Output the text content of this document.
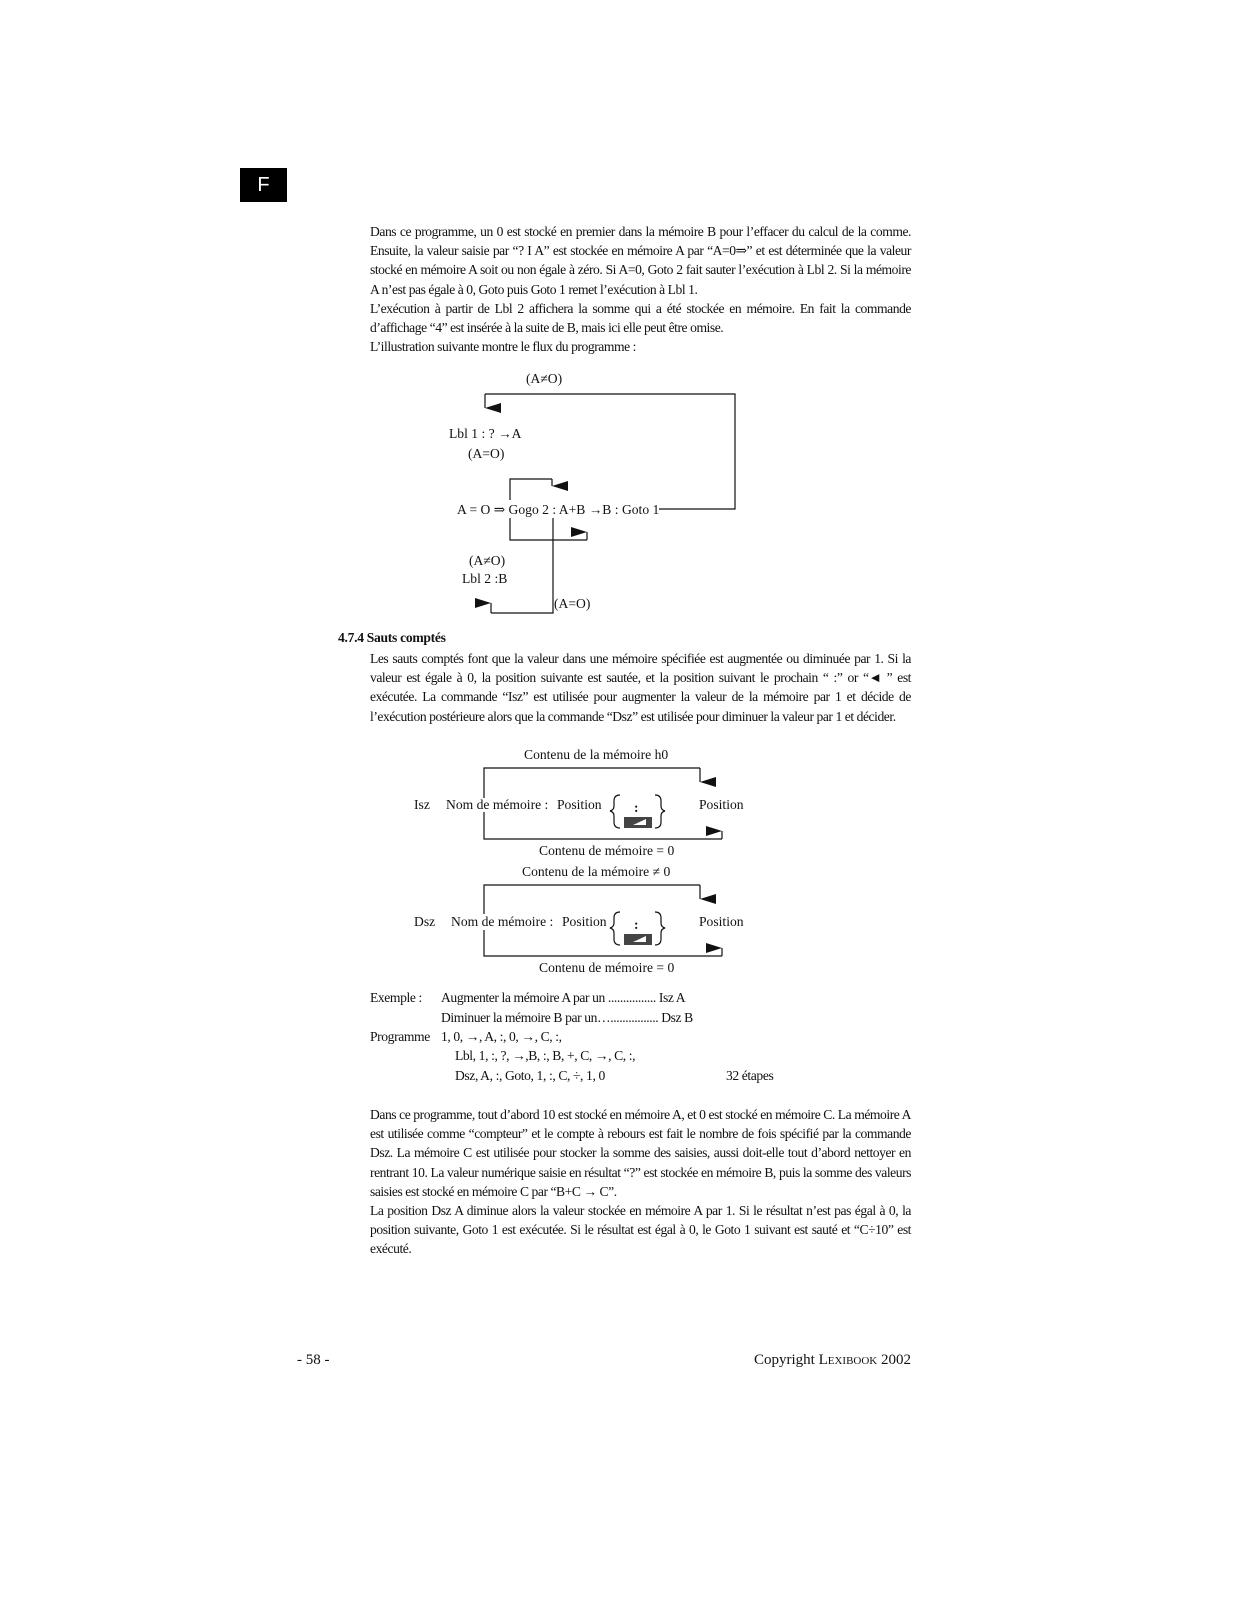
F

Dans ce programme, un 0 est stocké en premier dans la mémoire B pour l’effacer du calcul de la comme. Ensuite, la valeur saisie par “? I A” est stockée en mémoire A par “A=0⇒” et est déterminée que la valeur stocké en mémoire A soit ou non égale à zéro. Si A=0, Goto 2 fait sauter l’exécution à Lbl 2. Si la mémoire A n’est pas égale à 0, Goto puis Goto 1 remet l’exécution à Lbl 1.

L’exécution à partir de Lbl 2 affichera la somme qui a été stockée en mémoire. En fait la commande d’affichage “4” est insérée à la suite de B, mais ici elle peut être omise.

L’illustration suivante montre le flux du programme :

(A≠O)
Lbl 1 : ? →A
(A=O)
A = O ⇒ Gogo 2 : A+B →B : Goto 1
(A≠O)
Lbl 2 :B
(A=O)
Contenu de la mémoire h0
Isz Nom de mémoire : Position :	Position
Contenu de mémoire = 0
Contenu de la mémoire ≠ 0
Dsz Nom de mémoire : Position :	Position
Contenu de mémoire = 0
4.7.4 Sauts comptés

Les sauts comptés font que la valeur dans une mémoire spécifiée est augmentée ou diminuée par 1. Si la valeur est égale à 0, la position suivante est sautée, et la position suivant le prochain “ :” or “◄ ” est exécutée. La commande “Isz” est utilisée pour augmenter la valeur de la mémoire par 1 et décide de l’exécution postérieure alors que la commande “Dsz” est utilisée pour diminuer la valeur par 1 et décider.

Exemple : Augmenter la mémoire A par un ................ Isz A
Diminuer la mémoire B par un…................ Dsz B
Programme 1, 0, →, A, :, 0, →, C, :,
Lbl, 1, :, ?, →,B, :, B, +, C, →, C, :,
Dsz, A, :, Goto, 1, :, C, ÷, 1, 0	32 étapes

Dans ce programme, tout d’abord 10 est stocké en mémoire A, et 0 est stocké en mémoire C. La mémoire A est utilisée comme “compteur” et le compte à rebours est fait le nombre de fois spécifié par la commande Dsz. La mémoire C est utilisée pour stocker la somme des saisies, aussi doit-elle tout d’abord nettoyer en rentrant 10. La valeur numérique saisie en résultat “?” est stockée en mémoire B, puis la somme des valeurs saisies est stocké en mémoire C par “B+C → C”.

La position Dsz A diminue alors la valeur stockée en mémoire A par 1. Si le résultat n’est pas égal à 0, la position suivante, Goto 1 est exécutée. Si le résultat est égal à 0, le Goto 1 suivant est sauté et “C÷10” est exécuté.

- 58 -	Copyright Lexibook 2002
